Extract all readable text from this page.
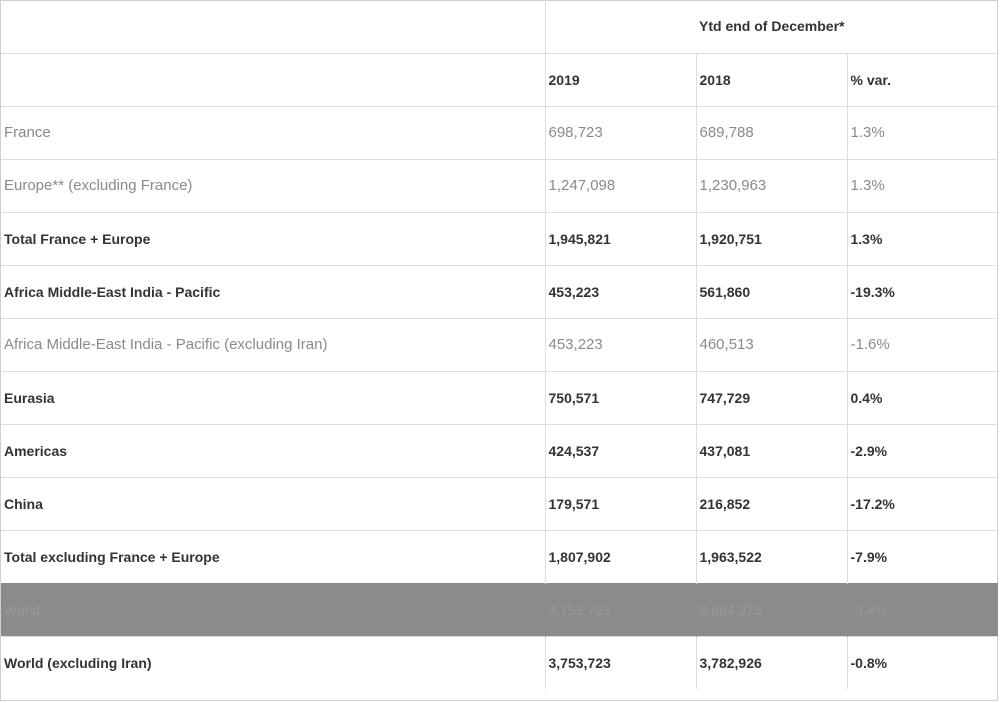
	Ytd end of December*		
	2019	2018	% var.
France	698,723	689,788	1.3%
Europe** (excluding France)	1,247,098	1,230,963	1.3%
Total France + Europe	1,945,821	1,920,751	1.3%
Africa Middle-East India - Pacific	453,223	561,860	-19.3%
Africa Middle-East India - Pacific (excluding Iran)	453,223	460,513	-1.6%
Eurasia	750,571	747,729	0.4%
Americas	424,537	437,081	-2.9%
China	179,571	216,852	-17.2%
Total excluding France + Europe	1,807,902	1,963,522	-7.9%
World	3,753,723	3,884,273	-3.4%
World (excluding Iran)	3,753,723	3,782,926	-0.8%
